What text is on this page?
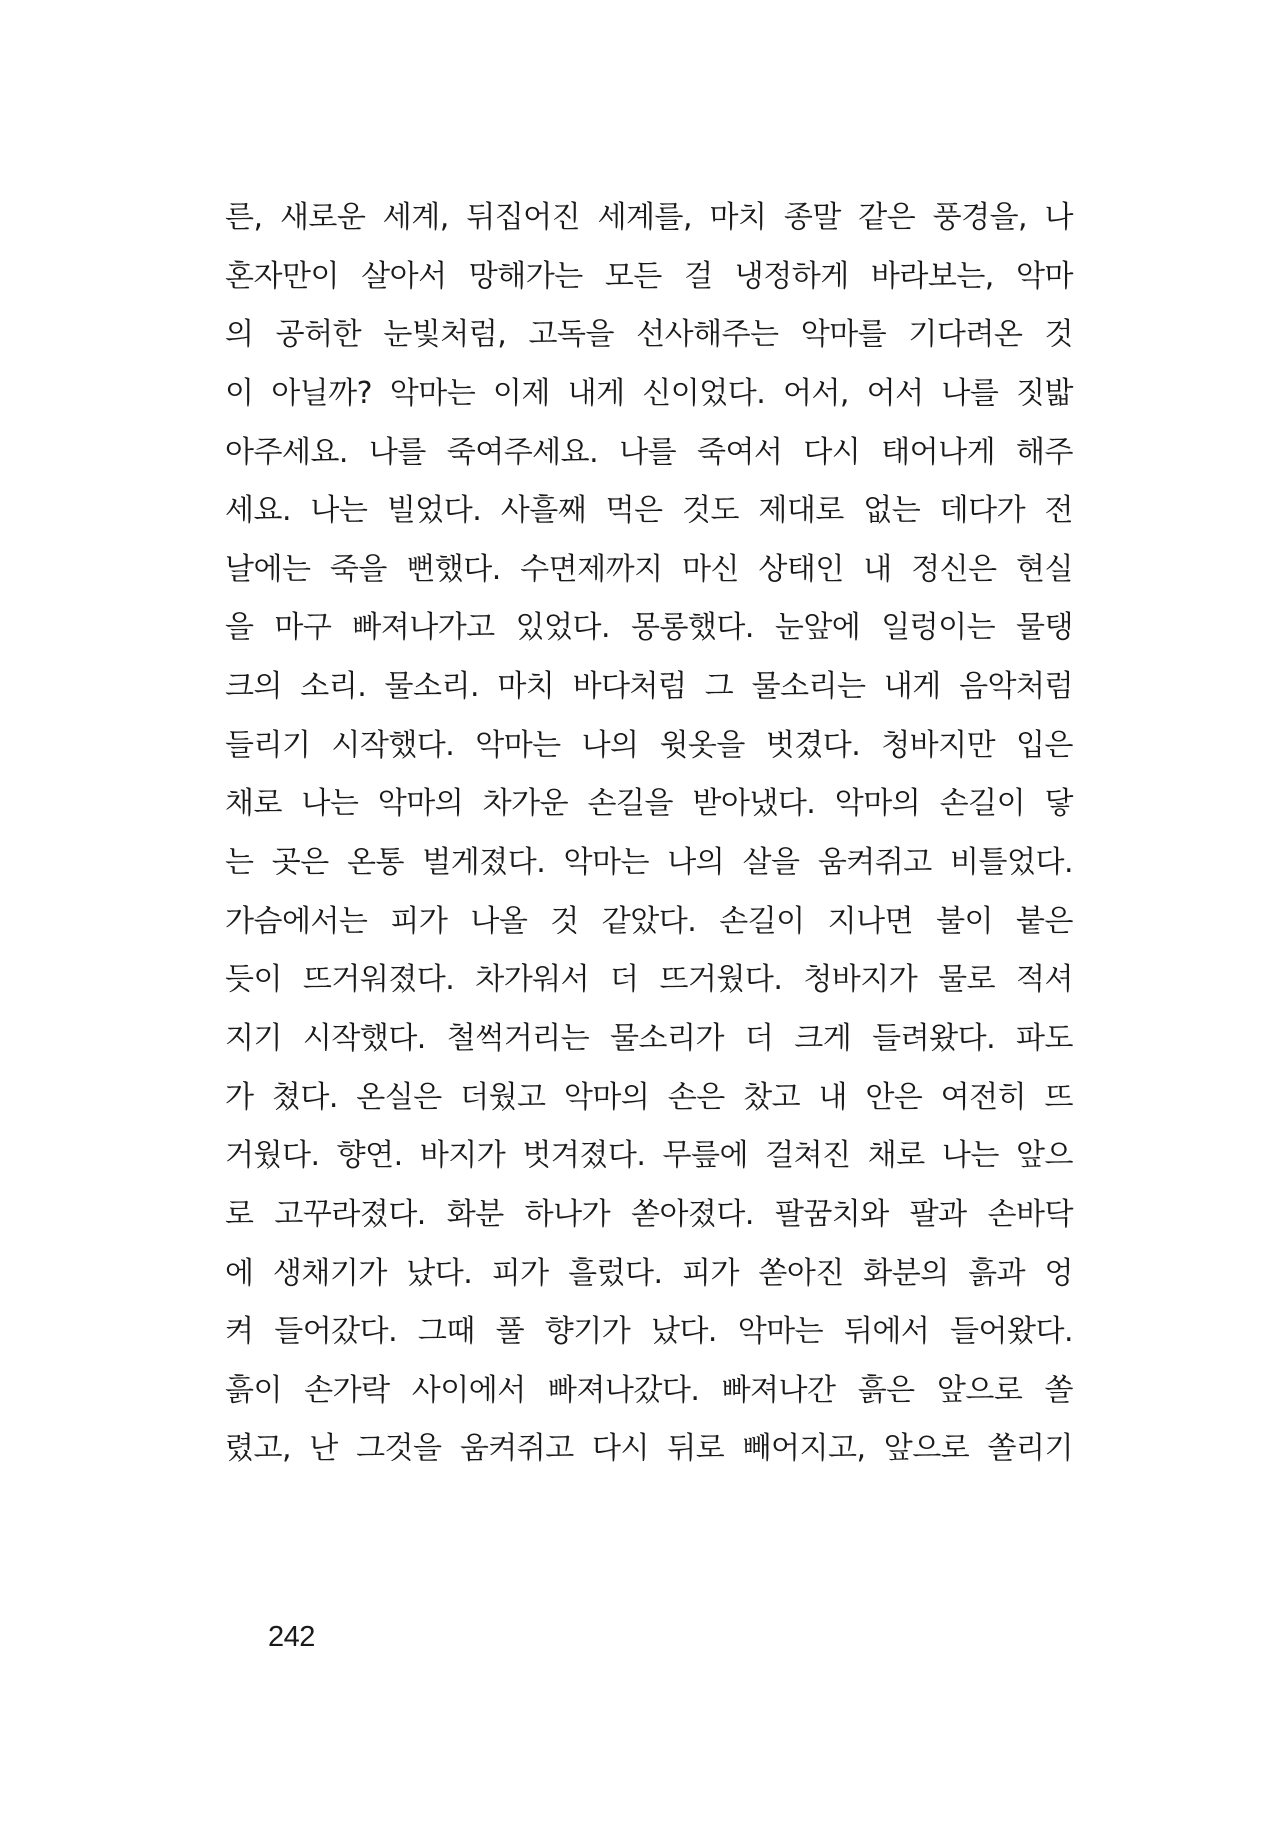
른, 새로운 세계, 뒤집어진 세계를, 마치 종말 같은 풍경을, 나
혼자만이 살아서 망해가는 모든 걸 냉정하게 바라보는, 악마
의 공허한 눈빛처럼, 고독을 선사해주는 악마를 기다려온 것
이 아닐까? 악마는 이제 내게 신이었다. 어서, 어서 나를 짓밟
아주세요. 나를 죽여주세요. 나를 죽여서 다시 태어나게 해주
세요. 나는 빌었다. 사흘째 먹은 것도 제대로 없는 데다가 전
날에는 죽을 뻔했다. 수면제까지 마신 상태인 내 정신은 현실
을 마구 빠져나가고 있었다. 몽롱했다. 눈앞에 일렁이는 물탱
크의 소리. 물소리. 마치 바다처럼 그 물소리는 내게 음악처럼
들리기 시작했다. 악마는 나의 윗옷을 벗겼다. 청바지만 입은
채로 나는 악마의 차가운 손길을 받아냈다. 악마의 손길이 닿
는 곳은 온통 벌게졌다. 악마는 나의 살을 움켜쥐고 비틀었다.
가슴에서는 피가 나올 것 같았다. 손길이 지나면 불이 붙은
듯이 뜨거워졌다. 차가워서 더 뜨거웠다. 청바지가 물로 적셔
지기 시작했다. 철썩거리는 물소리가 더 크게 들려왔다. 파도
가 쳤다. 온실은 더웠고 악마의 손은 찼고 내 안은 여전히 뜨
거웠다. 향연. 바지가 벗겨졌다. 무릎에 걸쳐진 채로 나는 앞으
로 고꾸라졌다. 화분 하나가 쏟아졌다. 팔꿈치와 팔과 손바닥
에 생채기가 났다. 피가 흘렀다. 피가 쏟아진 화분의 흙과 엉
켜 들어갔다. 그때 풀 향기가 났다. 악마는 뒤에서 들어왔다.
흙이 손가락 사이에서 빠져나갔다. 빠져나간 흙은 앞으로 쏠
렸고, 난 그것을 움켜쥐고 다시 뒤로 빼어지고, 앞으로 쏠리기
242
